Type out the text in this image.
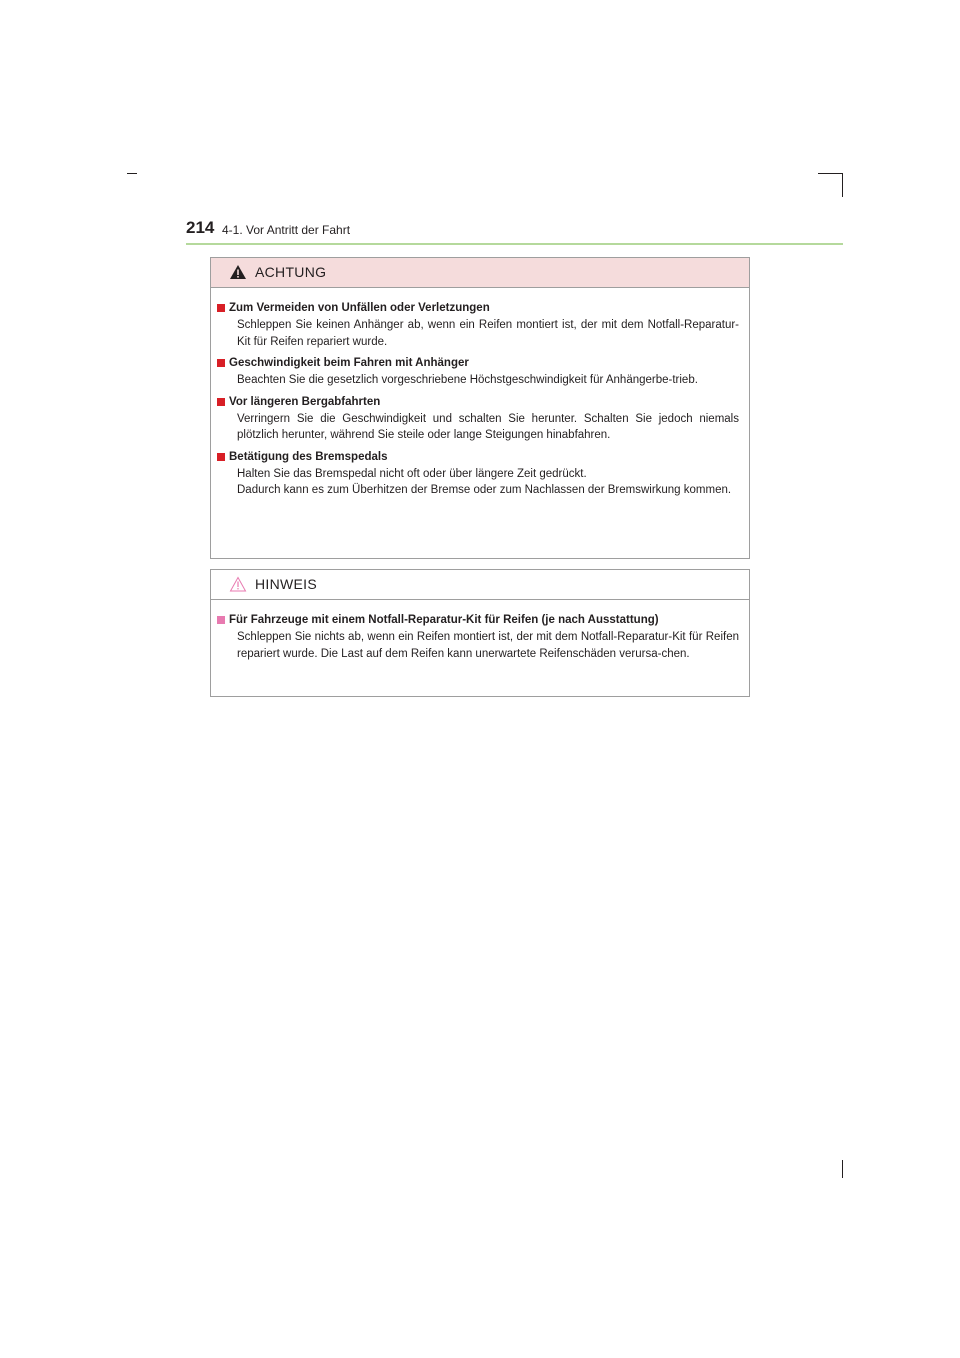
214 4-1. Vor Antritt der Fahrt
ACHTUNG
Zum Vermeiden von Unfällen oder Verletzungen

Schleppen Sie keinen Anhänger ab, wenn ein Reifen montiert ist, der mit dem Notfall-Reparatur-Kit für Reifen repariert wurde.

Geschwindigkeit beim Fahren mit Anhänger

Beachten Sie die gesetzlich vorgeschriebene Höchstgeschwindigkeit für Anhängerbe-trieb.

Vor längeren Bergabfahrten

Verringern Sie die Geschwindigkeit und schalten Sie herunter. Schalten Sie jedoch niemals plötzlich herunter, während Sie steile oder lange Steigungen hinabfahren.

Betätigung des Bremspedals

Halten Sie das Bremspedal nicht oft oder über längere Zeit gedrückt.

Dadurch kann es zum Überhitzen der Bremse oder zum Nachlassen der Bremswirkung kommen.

HINWEIS
Für Fahrzeuge mit einem Notfall-Reparatur-Kit für Reifen (je nach Ausstattung)

Schleppen Sie nichts ab, wenn ein Reifen montiert ist, der mit dem Notfall-Reparatur-Kit für Reifen repariert wurde. Die Last auf dem Reifen kann unerwartete Reifenschäden verursa-chen.
